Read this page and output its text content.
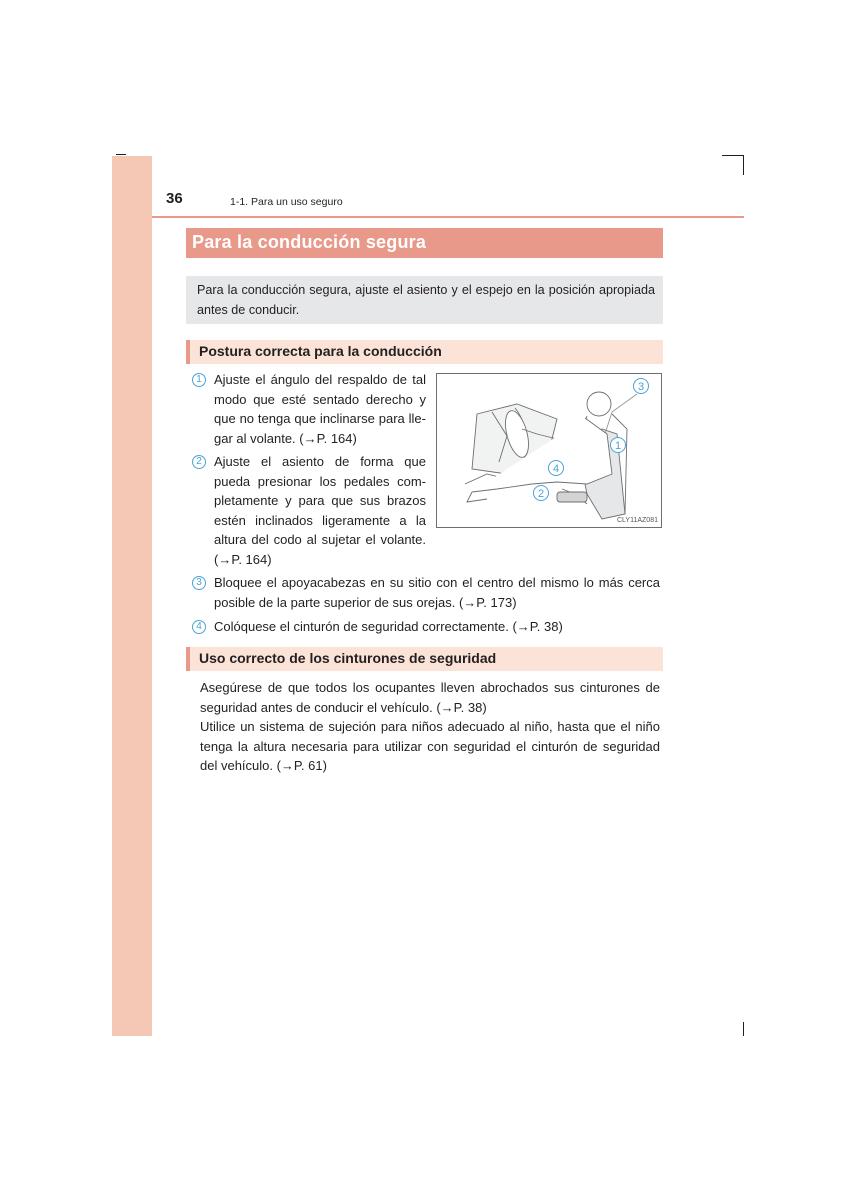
36	1-1. Para un uso seguro
Para la conducción segura

Para la conducción segura, ajuste el asiento y el espejo en la posición apropiada antes de conducir.

Postura correcta para la conducción
1 Ajuste el ángulo del respaldo de tal modo que esté sentado derecho y que no tenga que inclinarse para llegar al volante. (→P. 164)
2 Ajuste el asiento de forma que pueda presionar los pedales completamente y para que sus brazos estén inclinados ligeramente a la altura del codo al sujetar el volante. (→P. 164)
3
1
4
2
CLY11AZ081
3 Bloquee el apoyacabezas en su sitio con el centro del mismo lo más cerca posible de la parte superior de sus orejas. (→P. 173)
4 Colóquese el cinturón de seguridad correctamente. (→P. 38)
Uso correcto de los cinturones de seguridad

Asegúrese de que todos los ocupantes lleven abrochados sus cinturones de seguridad antes de conducir el vehículo. (→P. 38)

Utilice un sistema de sujeción para niños adecuado al niño, hasta que el niño tenga la altura necesaria para utilizar con seguridad el cinturón de seguridad del vehículo. (→P. 61)
